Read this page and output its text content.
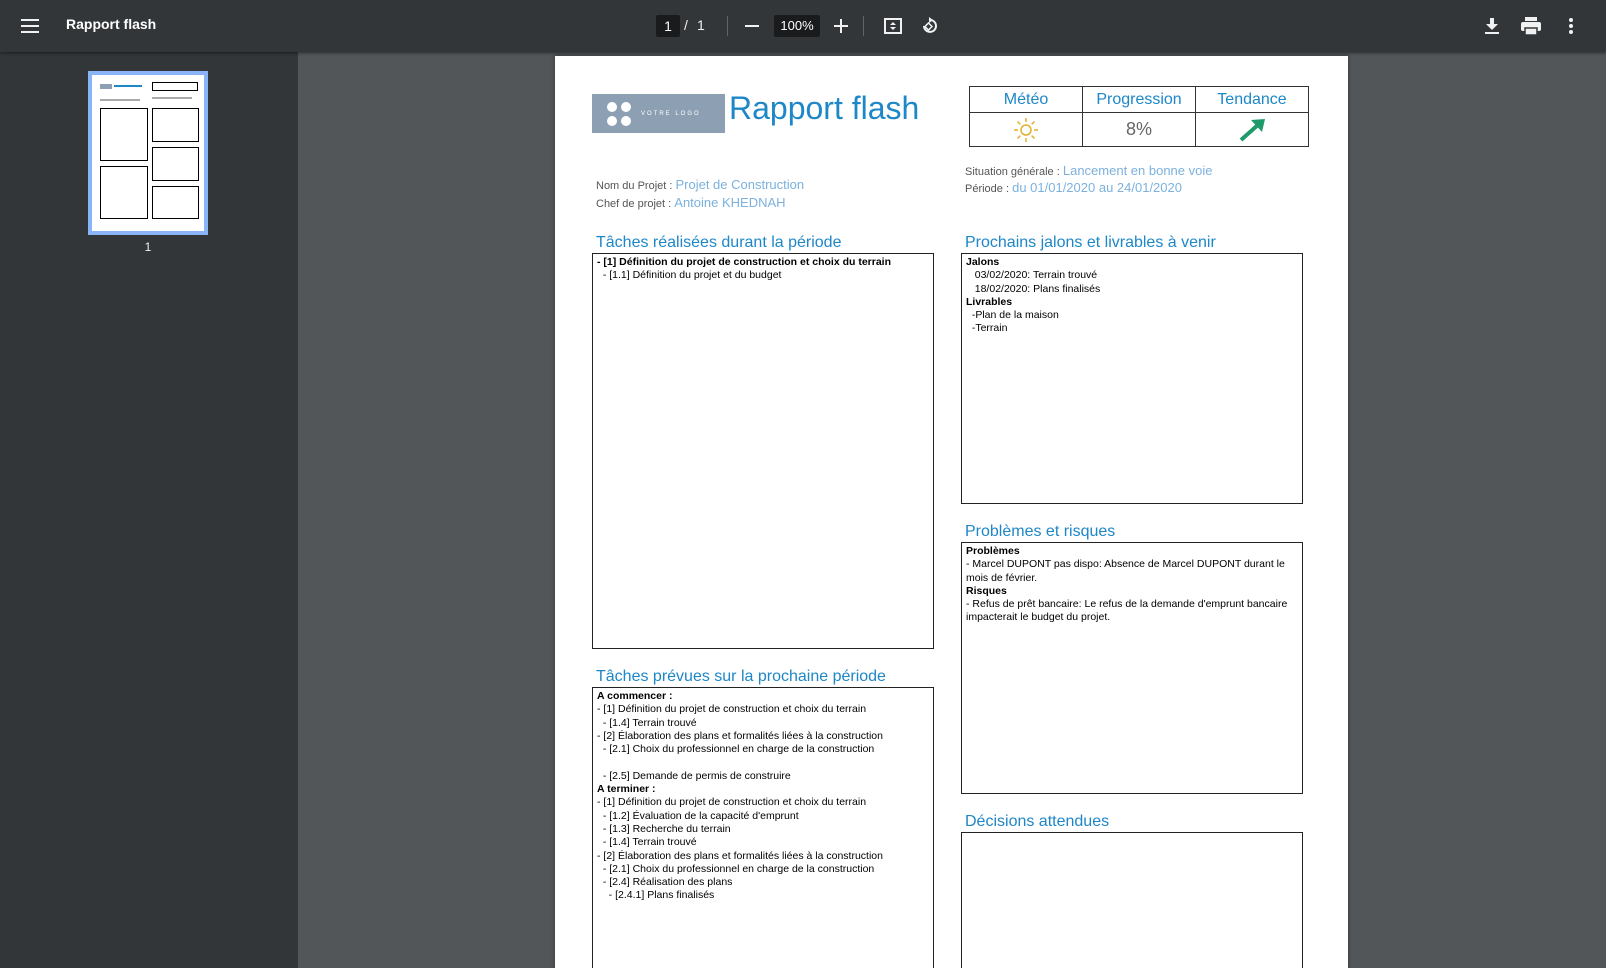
Rapport flash	1 / 1	100%
1
VOTRE LOGO Rapport flash	Météo	Progression	Tendance
	8%	
Nom du Projet : Projet de Construction
Chef de projet : Antoine KHEDNAH
Situation générale : Lancement en bonne voie
Période : du 01/01/2020 au 24/01/2020
Tâches réalisées durant la période
- [1] Définition du projet de construction et choix du terrain
- [1.1] Définition du projet et du budget
Tâches prévues sur la prochaine période
A commencer :
- [1] Définition du projet de construction et choix du terrain
- [1.4] Terrain trouvé
- [2] Élaboration des plans et formalités liées à la construction
- [2.1] Choix du professionnel en charge de la construction
- [2.5] Demande de permis de construire
A terminer :
- [1] Définition du projet de construction et choix du terrain
- [1.2] Évaluation de la capacité d'emprunt
- [1.3] Recherche du terrain
- [1.4] Terrain trouvé
- [2] Élaboration des plans et formalités liées à la construction
- [2.1] Choix du professionnel en charge de la construction
- [2.4] Réalisation des plans
- [2.4.1] Plans finalisés
Prochains jalons et livrables à venir
Jalons
03/02/2020: Terrain trouvé
18/02/2020: Plans finalisés
Livrables
-Plan de la maison
-Terrain
Problèmes et risques
Problèmes
- Marcel DUPONT pas dispo: Absence de Marcel DUPONT durant le mois de février.
Risques
- Refus de prêt bancaire: Le refus de la demande d'emprunt bancaire impacterait le budget du projet.
Décisions attendues
